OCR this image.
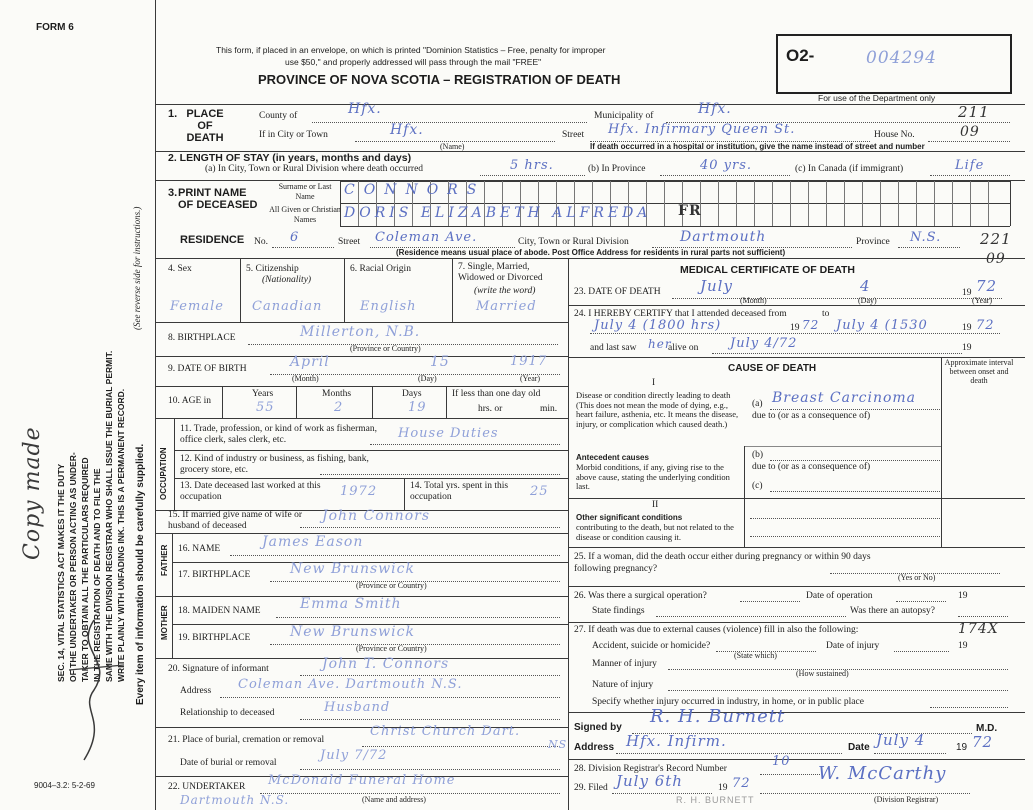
FORM 6
This form, if placed in an envelope, on which is printed "Dominion Statistics – Free, penalty for improper
use $50," and properly addressed will pass through the mail "FREE"
PROVINCE OF NOVA SCOTIA – REGISTRATION OF DEATH
O2-	004294
For use of the Department only
SEC. 14, VITAL STATISTICS ACT MAKES IT THE DUTY OF THE UNDERTAKER OR PERSON ACTING AS UNDER- TAKER TO OBTAIN ALL THE PARTICULARS REQUIRED IN THE REGISTRATION OF DEATH AND TO FILE THE SAME WITH THE DIVISION REGISTRAR WHO SHALL ISSUE THE BURIAL PERMIT. WRITE PLAINLY WITH UNFADING INK. THIS IS A PERMANENT RECORD.
(See reverse side for instructions.)
Every item of information should be carefully supplied.
Copy made
9004–3.2: 5-2-69
1. PLACE OF DEATH
County of	Hfx.	Municipality of	Hfx.	211
If in City or Town	Hfx.
(Name)
Street Hfx. Infirmary Queen St.	House No.	09
If death occurred in a hospital or institution, give the name instead of street and number
2. LENGTH OF STAY (in years, months and days)
(a) In City, Town or Rural Division where death occurred	5 hrs.	(b) In Province	40 yrs.	(c) In Canada (if immigrant)	Life
3. PRINT NAME OF DECEASED
Surname or Last Name
All Given or Christian Names
CONNORS
DORIS ELIZABETH ALFREDA FR
RESIDENCE No. 6	Street Coleman Ave.	City, Town or Rural Division	Dartmouth	Province N.S.	221
09
(Residence means usual place of abode. Post Office Address for residents in rural parts not sufficient)
4. Sex	5. Citizenship
(Nationality)
6. Racial Origin	7. Single, Married, Widowed or Divorced
(write the word)
Female Canadian	English	Married
8. BIRTHPLACE	Millerton, N.B.
(Province or Country)
9. DATE OF BIRTH	April	15	1917
(Month)	(Day)	(Year)
10. AGE in
Years	Months	Days
55	2	19
If less than one day old
hrs. or	min.
OCCUPATION
11. Trade, profession, or kind of work as fisherman, office clerk, sales clerk, etc.	House Duties
12. Kind of industry or business, as fishing, bank, grocery store, etc.
13. Date deceased last worked at this occupation	1972	14. Total yrs. spent in this occupation	25
15. If married give name of wife or husband of deceased
John Connors
FATHER 16. NAME	James Eason
17. BIRTHPLACE	New Brunswick
(Province or Country)
MOTHER 18. MAIDEN NAME	Emma Smith
19. BIRTHPLACE	New Brunswick
(Province or Country)
20. Signature of informant	John T. Connors
Address Coleman Ave. Dartmouth N.S.
Relationship to deceased	Husband
21. Place of burial, cremation or removal
Christ Church Dart.
NS
Date of burial or removal	July 7/72
22. UNDERTAKER McDonald Funeral Home
Dartmouth N.S.	(Name and address)
MEDICAL CERTIFICATE OF DEATH
23. DATE OF DEATH	July	4	19 72
(Month)	(Day)	(Year)
24. I HEREBY CERTIFY that I attended deceased from	to
July 4 (1800 hrs)	19 72 July 4 (1530	19 72
and last saw her
alive on July 4/72	19
CAUSE OF DEATH
Approximate interval between onset and death
I
Disease or condition directly leading to death (This does not mean the mode of dying, e.g., heart failure, asthenia, etc. It means the disease, injury, or complication which caused death.)
(a) Breast Carcinoma
due to (or as a consequence of)
Antecedent causes
Morbid conditions, if any, giving rise to the above cause, stating the underlying condition last.
(b)
due to (or as a consequence of)
(c)
II
Other significant conditions
contributing to the death, but not related to the disease or condition causing it.
25. If a woman, did the death occur either during pregnancy or within 90 days following pregnancy?
(Yes or No)
26. Was there a surgical operation?	Date of operation	19
State findings	Was there an autopsy?
27. If death was due to external causes (violence) fill in also the following:	174X
Accident, suicide or homicide?
(State which)
Date of injury	19
Manner of injury
(How sustained)
Nature of injury
Specify whether injury occurred in industry, in home, or in public place
Signed by
R. H. Burnett
M.D.
Address Hfx. Infirm.	Date July 4	19 72
28. Division Registrar's Record Number	10
29. Filed July 6th	19 72	W. McCarthy
(Division Registrar)
R. H. BURNETT
